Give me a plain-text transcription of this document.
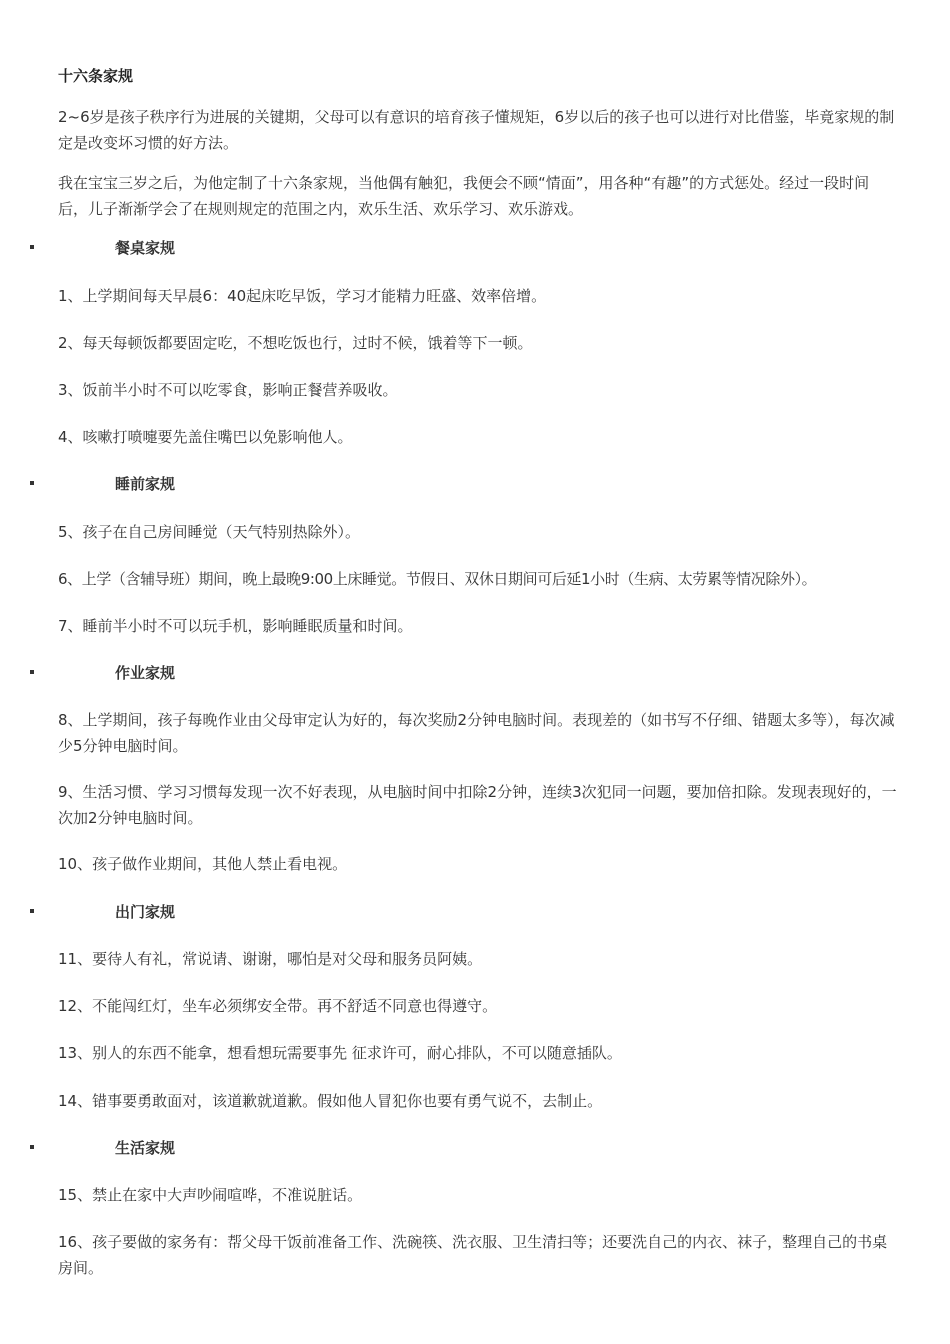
十六条家规
2~6岁是孩子秩序行为进展的关键期，父母可以有意识的培育孩子懂规矩，6岁以后的孩子也可以进行对比借鉴，毕竟家规的制定是改变坏习惯的好方法。
我在宝宝三岁之后，为他定制了十六条家规，当他偶有触犯，我便会不顾“情面”，用各种“有趣”的方式惩处。经过一段时间后，儿子渐渐学会了在规则规定的范围之内，欢乐生活、欢乐学习、欢乐游戏。
餐桌家规
1、上学期间每天早晨6：40起床吃早饭，学习才能精力旺盛、效率倍增。
2、每天每顿饭都要固定吃，不想吃饭也行，过时不候，饿着等下一顿。
3、饭前半小时不可以吃零食，影响正餐营养吸收。
4、咳嗽打喷嚏要先盖住嘴巴以免影响他人。
睡前家规
5、孩子在自己房间睡觉（天气特别热除外）。
6、上学（含辅导班）期间，晚上最晚9:00上床睡觉。节假日、双休日期间可后延1小时（生病、太劳累等情况除外）。
7、睡前半小时不可以玩手机，影响睡眠质量和时间。
作业家规
8、上学期间，孩子每晚作业由父母审定认为好的，每次奖励2分钟电脑时间。表现差的（如书写不仔细、错题太多等），每次减少5分钟电脑时间。
9、生活习惯、学习习惯每发现一次不好表现，从电脑时间中扣除2分钟，连续3次犯同一问题，要加倍扣除。发现表现好的，一次加2分钟电脑时间。
10、孩子做作业期间，其他人禁止看电视。
出门家规
11、要待人有礼，常说请、谢谢，哪怕是对父母和服务员阿姨。
12、不能闯红灯，坐车必须绑安全带。再不舒适不同意也得遵守。
13、别人的东西不能拿，想看想玩需要事先 征求许可，耐心排队，不可以随意插队。
14、错事要勇敢面对，该道歉就道歉。假如他人冒犯你也要有勇气说不，去制止。
生活家规
15、禁止在家中大声吵闹喧哗，不准说脏话。
16、孩子要做的家务有：帮父母干饭前准备工作、洗碗筷、洗衣服、卫生清扫等；还要洗自己的内衣、袜子，整理自己的书桌房间。
